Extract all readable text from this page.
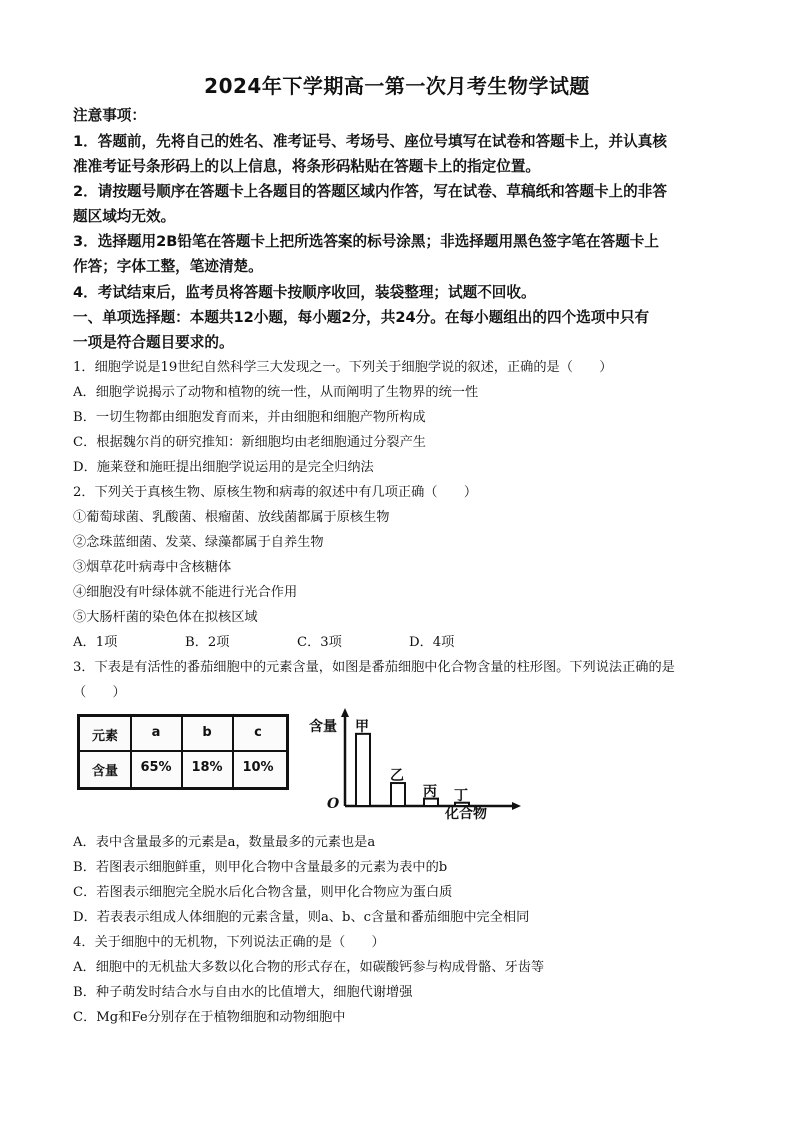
2024年下学期高一第一次月考生物学试题
注意事项：
1．答题前，先将自己的姓名、准考证号、考场号、座位号填写在试卷和答题卡上，并认真核
准准考证号条形码上的以上信息，将条形码粘贴在答题卡上的指定位置。
2．请按题号顺序在答题卡上各题目的答题区域内作答，写在试卷、草稿纸和答题卡上的非答
题区域均无效。
3．选择题用2B铅笔在答题卡上把所选答案的标号涂黑；非选择题用黑色签字笔在答题卡上
作答；字体工整，笔迹清楚。
4．考试结束后，监考员将答题卡按顺序收回，装袋整理；试题不回收。
一、单项选择题：本题共12小题，每小题2分，共24分。在每小题组出的四个选项中只有
一项是符合题目要求的。
1．细胞学说是19世纪自然科学三大发现之一。下列关于细胞学说的叙述，正确的是（　　）
A．细胞学说揭示了动物和植物的统一性，从而阐明了生物界的统一性
B．一切生物都由细胞发育而来，并由细胞和细胞产物所构成
C．根据魏尔肖的研究推知：新细胞均由老细胞通过分裂产生
D．施莱登和施旺提出细胞学说运用的是完全归纳法
2．下列关于真核生物、原核生物和病毒的叙述中有几项正确（　　）
①葡萄球菌、乳酸菌、根瘤菌、放线菌都属于原核生物
②念珠蓝细菌、发菜、绿藻都属于自养生物
③烟草花叶病毒中含核糖体
④细胞没有叶绿体就不能进行光合作用
⑤大肠杆菌的染色体在拟核区域
A．1项	B．2项	C．3项	D．4项
3．下表是有活性的番茄细胞中的元素含量，如图是番茄细胞中化合物含量的柱形图。下列说法正确的是
（　　）
元素	a	b	c
含量	65%	18%	10%
含量
O
化合物
甲
乙
丙 丁
A．表中含量最多的元素是a，数量最多的元素也是a
B．若图表示细胞鲜重，则甲化合物中含量最多的元素为表中的b
C．若图表示细胞完全脱水后化合物含量，则甲化合物应为蛋白质
D．若表表示组成人体细胞的元素含量，则a、b、c含量和番茄细胞中完全相同
4．关于细胞中的无机物，下列说法正确的是（　　）
A．细胞中的无机盐大多数以化合物的形式存在，如碳酸钙参与构成骨骼、牙齿等
B．种子萌发时结合水与自由水的比值增大，细胞代谢增强
C．Mg和Fe分别存在于植物细胞和动物细胞中
